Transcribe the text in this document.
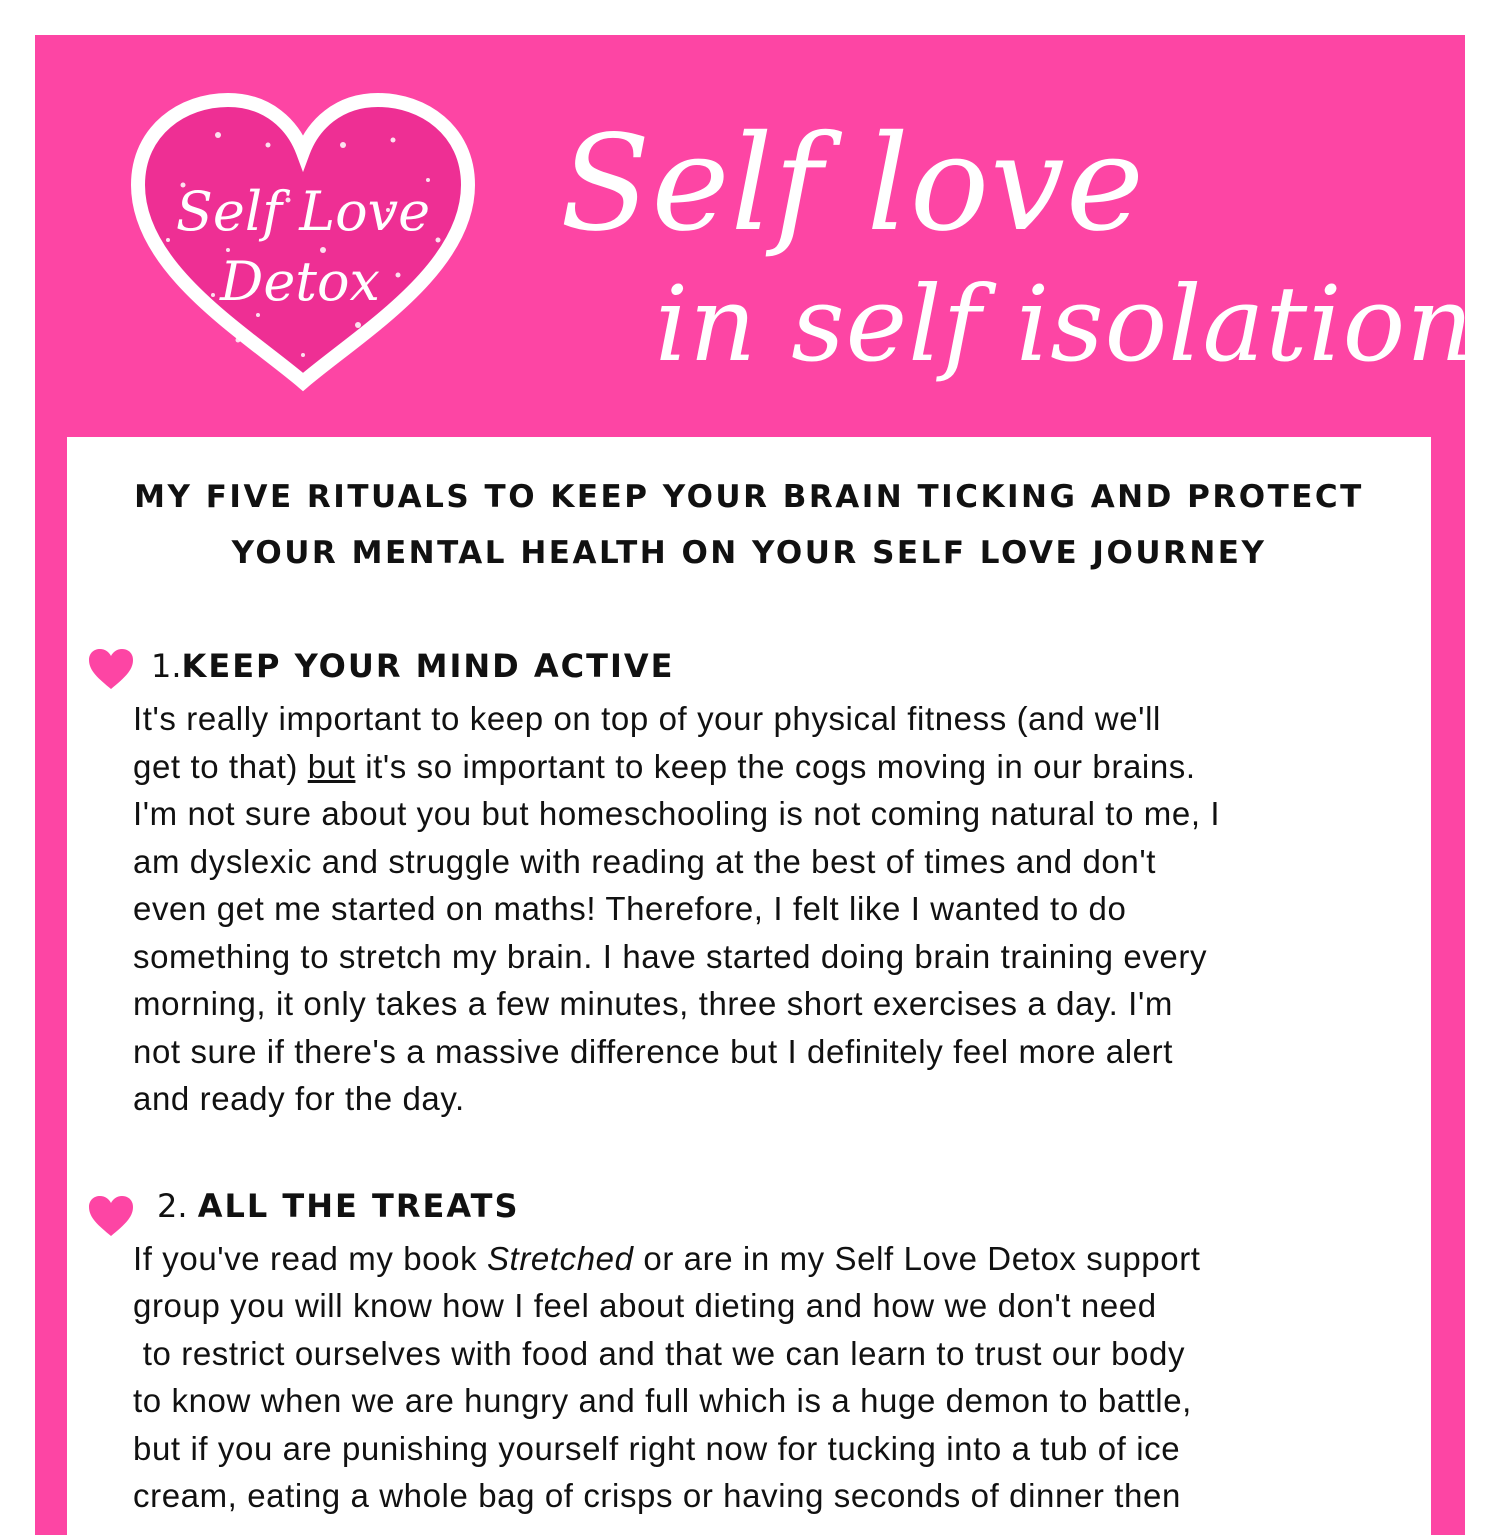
Self Love
Detox
Self love
in self isolation
MY FIVE RITUALS TO KEEP YOUR BRAIN TICKING AND PROTECT
YOUR MENTAL HEALTH ON YOUR SELF LOVE JOURNEY
1.KEEP YOUR MIND ACTIVE
It's really important to keep on top of your physical fitness (and we'll
get to that) but it's so important to keep the cogs moving in our brains.
I'm not sure about you but homeschooling is not coming natural to me, I
am dyslexic and struggle with reading at the best of times and don't
even get me started on maths! Therefore, I felt like I wanted to do
something to stretch my brain. I have started doing brain training every
morning, it only takes a few minutes, three short exercises a day. I'm
not sure if there's a massive difference but I definitely feel more alert
and ready for the day.
2. ALL THE TREATS
If you've read my book Stretched or are in my Self Love Detox support
group you will know how I feel about dieting and how we don't need
to restrict ourselves with food and that we can learn to trust our body
to know when we are hungry and full which is a huge demon to battle,
but if you are punishing yourself right now for tucking into a tub of ice
cream, eating a whole bag of crisps or having seconds of dinner then
